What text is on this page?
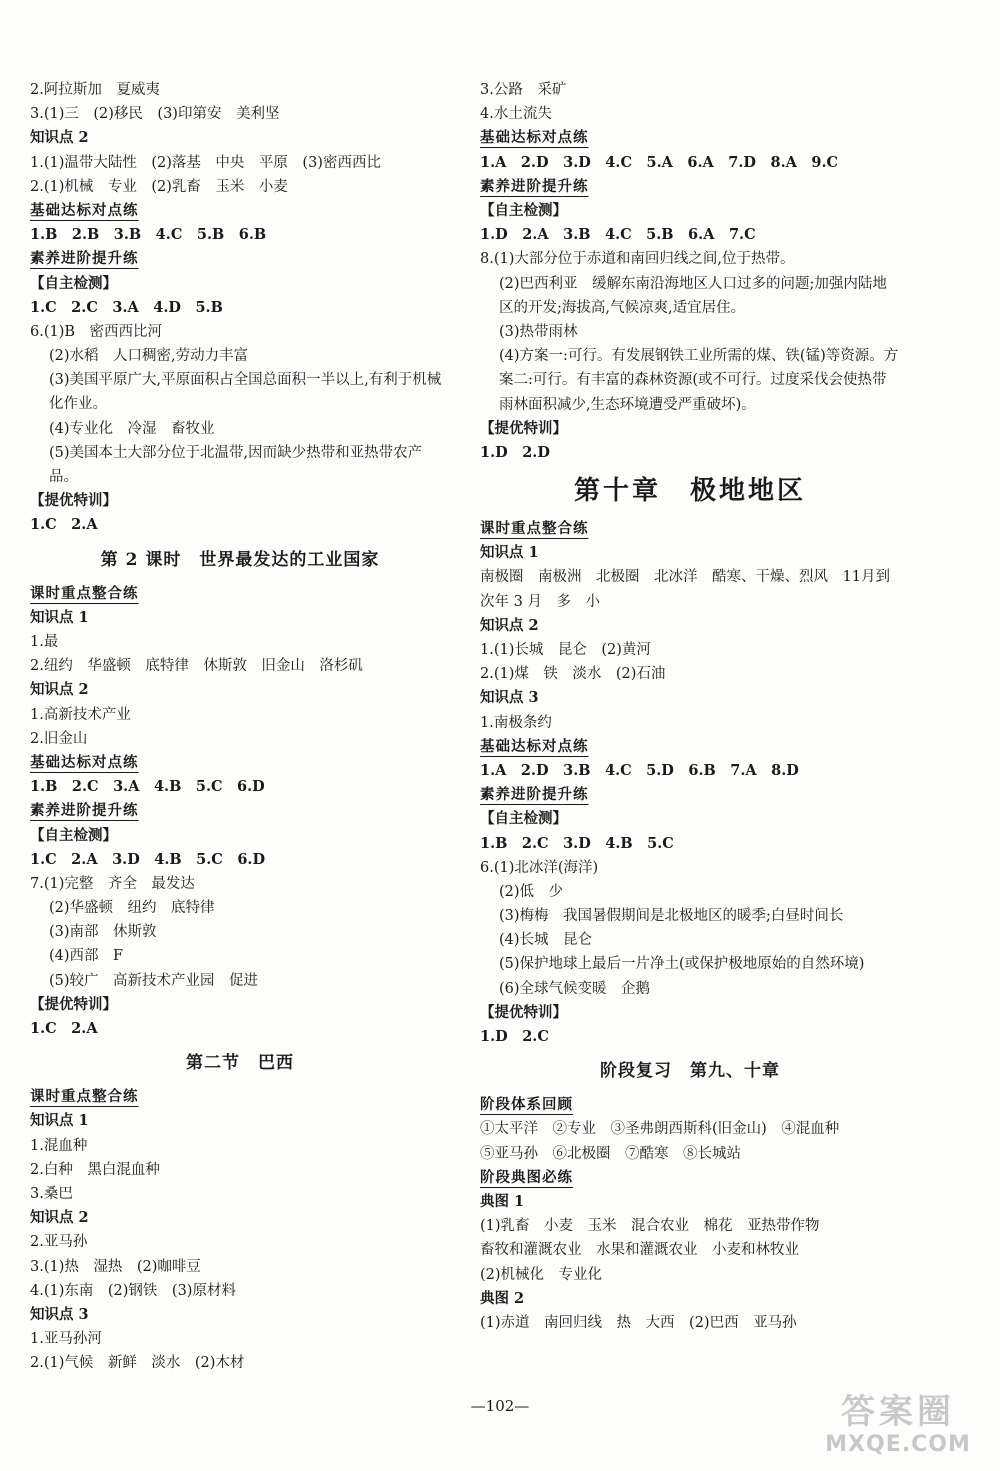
2.阿拉斯加　夏威夷
3.(1)三　(2)移民　(3)印第安　美利坚
知识点 2
1.(1)温带大陆性　(2)落基　中央　平原　(3)密西西比
2.(1)机械　专业　(2)乳畜　玉米　小麦
基础达标对点练
1.B　2.B　3.B　4.C　5.B　6.B
素养进阶提升练
【自主检测】
1.C　2.C　3.A　4.D　5.B
6.(1)B　密西西比河
(2)水稻　人口稠密,劳动力丰富
(3)美国平原广大,平原面积占全国总面积一半以上,有利于机械化作业。
(4)专业化　冷湿　畜牧业
(5)美国本土大部分位于北温带,因而缺少热带和亚热带农产品。
【提优特训】
1.C　2.A
第 2 课时　世界最发达的工业国家
课时重点整合练
知识点 1
1.最
2.纽约　华盛顿　底特律　休斯敦　旧金山　洛杉矶
知识点 2
1.高新技术产业
2.旧金山
基础达标对点练
1.B　2.C　3.A　4.B　5.C　6.D
素养进阶提升练
【自主检测】
1.C　2.A　3.D　4.B　5.C　6.D
7.(1)完整　齐全　最发达
(2)华盛顿　纽约　底特律
(3)南部　休斯敦
(4)西部　F
(5)较广　高新技术产业园　促进
【提优特训】
1.C　2.A
第二节　巴西
课时重点整合练
知识点 1
1.混血种
2.白种　黑白混血种
3.桑巴
知识点 2
2.亚马孙
3.(1)热　湿热　(2)咖啡豆
4.(1)东南　(2)钢铁　(3)原材料
知识点 3
1.亚马孙河
2.(1)气候　新鲜　淡水　(2)木材
3.公路　采矿
4.水土流失
基础达标对点练
1.A　2.D　3.D　4.C　5.A　6.A　7.D　8.A　9.C
素养进阶提升练
【自主检测】
1.D　2.A　3.B　4.C　5.B　6.A　7.C
8.(1)大部分位于赤道和南回归线之间,位于热带。
(2)巴西利亚　缓解东南沿海地区人口过多的问题;加强内陆地区的开发;海拔高,气候凉爽,适宜居住。
(3)热带雨林
(4)方案一:可行。有发展钢铁工业所需的煤、铁(锰)等资源。方案二:可行。有丰富的森林资源(或不可行。过度采伐会使热带雨林面积减少,生态环境遭受严重破坏)。
【提优特训】
1.D　2.D
第十章　极地地区
课时重点整合练
知识点 1
南极圈　南极洲　北极圈　北冰洋　酷寒、干燥、烈风　11月到次年 3 月　多　小
知识点 2
1.(1)长城　昆仑　(2)黄河
2.(1)煤　铁　淡水　(2)石油
知识点 3
1.南极条约
基础达标对点练
1.A　2.D　3.B　4.C　5.D　6.B　7.A　8.D
素养进阶提升练
【自主检测】
1.B　2.C　3.D　4.B　5.C
6.(1)北冰洋(海洋)
(2)低　少
(3)梅梅　我国暑假期间是北极地区的暖季;白昼时间长
(4)长城　昆仑
(5)保护地球上最后一片净土(或保护极地原始的自然环境)
(6)全球气候变暖　企鹅
【提优特训】
1.D　2.C
阶段复习　第九、十章
阶段体系回顾
①太平洋　②专业　③圣弗朗西斯科(旧金山)　④混血种
⑤亚马孙　⑥北极圈　⑦酷寒　⑧长城站
阶段典图必练
典图 1
(1)乳畜　小麦　玉米　混合农业　棉花　亚热带作物
畜牧和灌溉农业　水果和灌溉农业　小麦和林牧业
(2)机械化　专业化
典图 2
(1)赤道　南回归线　热　大西　(2)巴西　亚马孙
—102—	答案圈
MXQE.COM
